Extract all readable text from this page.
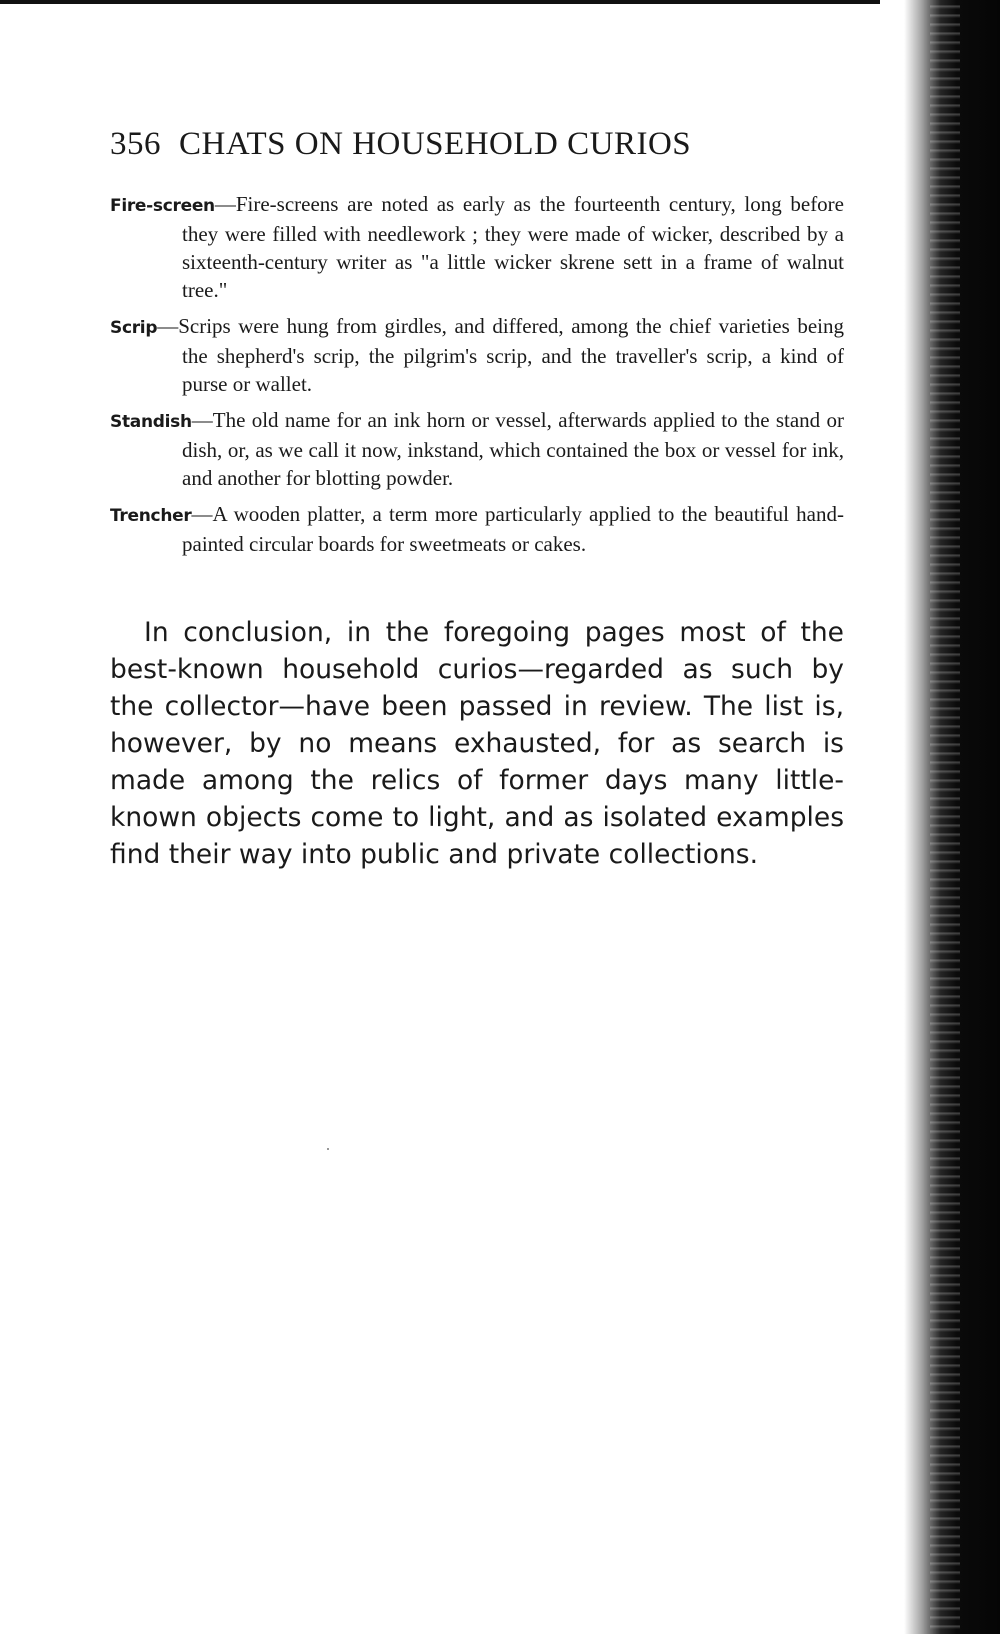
356 CHATS ON HOUSEHOLD CURIOS

Fire-screen—Fire-screens are noted as early as the fourteenth century, long before they were filled with needlework ; they were made of wicker, described by a sixteenth-century writer as "a little wicker skrene sett in a frame of walnut tree."

Scrip—Scrips were hung from girdles, and differed, among the chief varieties being the shepherd's scrip, the pilgrim's scrip, and the traveller's scrip, a kind of purse or wallet.

Standish—The old name for an ink horn or vessel, afterwards applied to the stand or dish, or, as we call it now, inkstand, which contained the box or vessel for ink, and another for blotting powder.

Trencher—A wooden platter, a term more particularly applied to the beautiful hand-painted circular boards for sweetmeats or cakes.

In conclusion, in the foregoing pages most of the best-known household curios—regarded as such by the collector—have been passed in review. The list is, however, by no means exhausted, for as search is made among the relics of former days many little-known objects come to light, and as isolated examples find their way into public and private collections.
